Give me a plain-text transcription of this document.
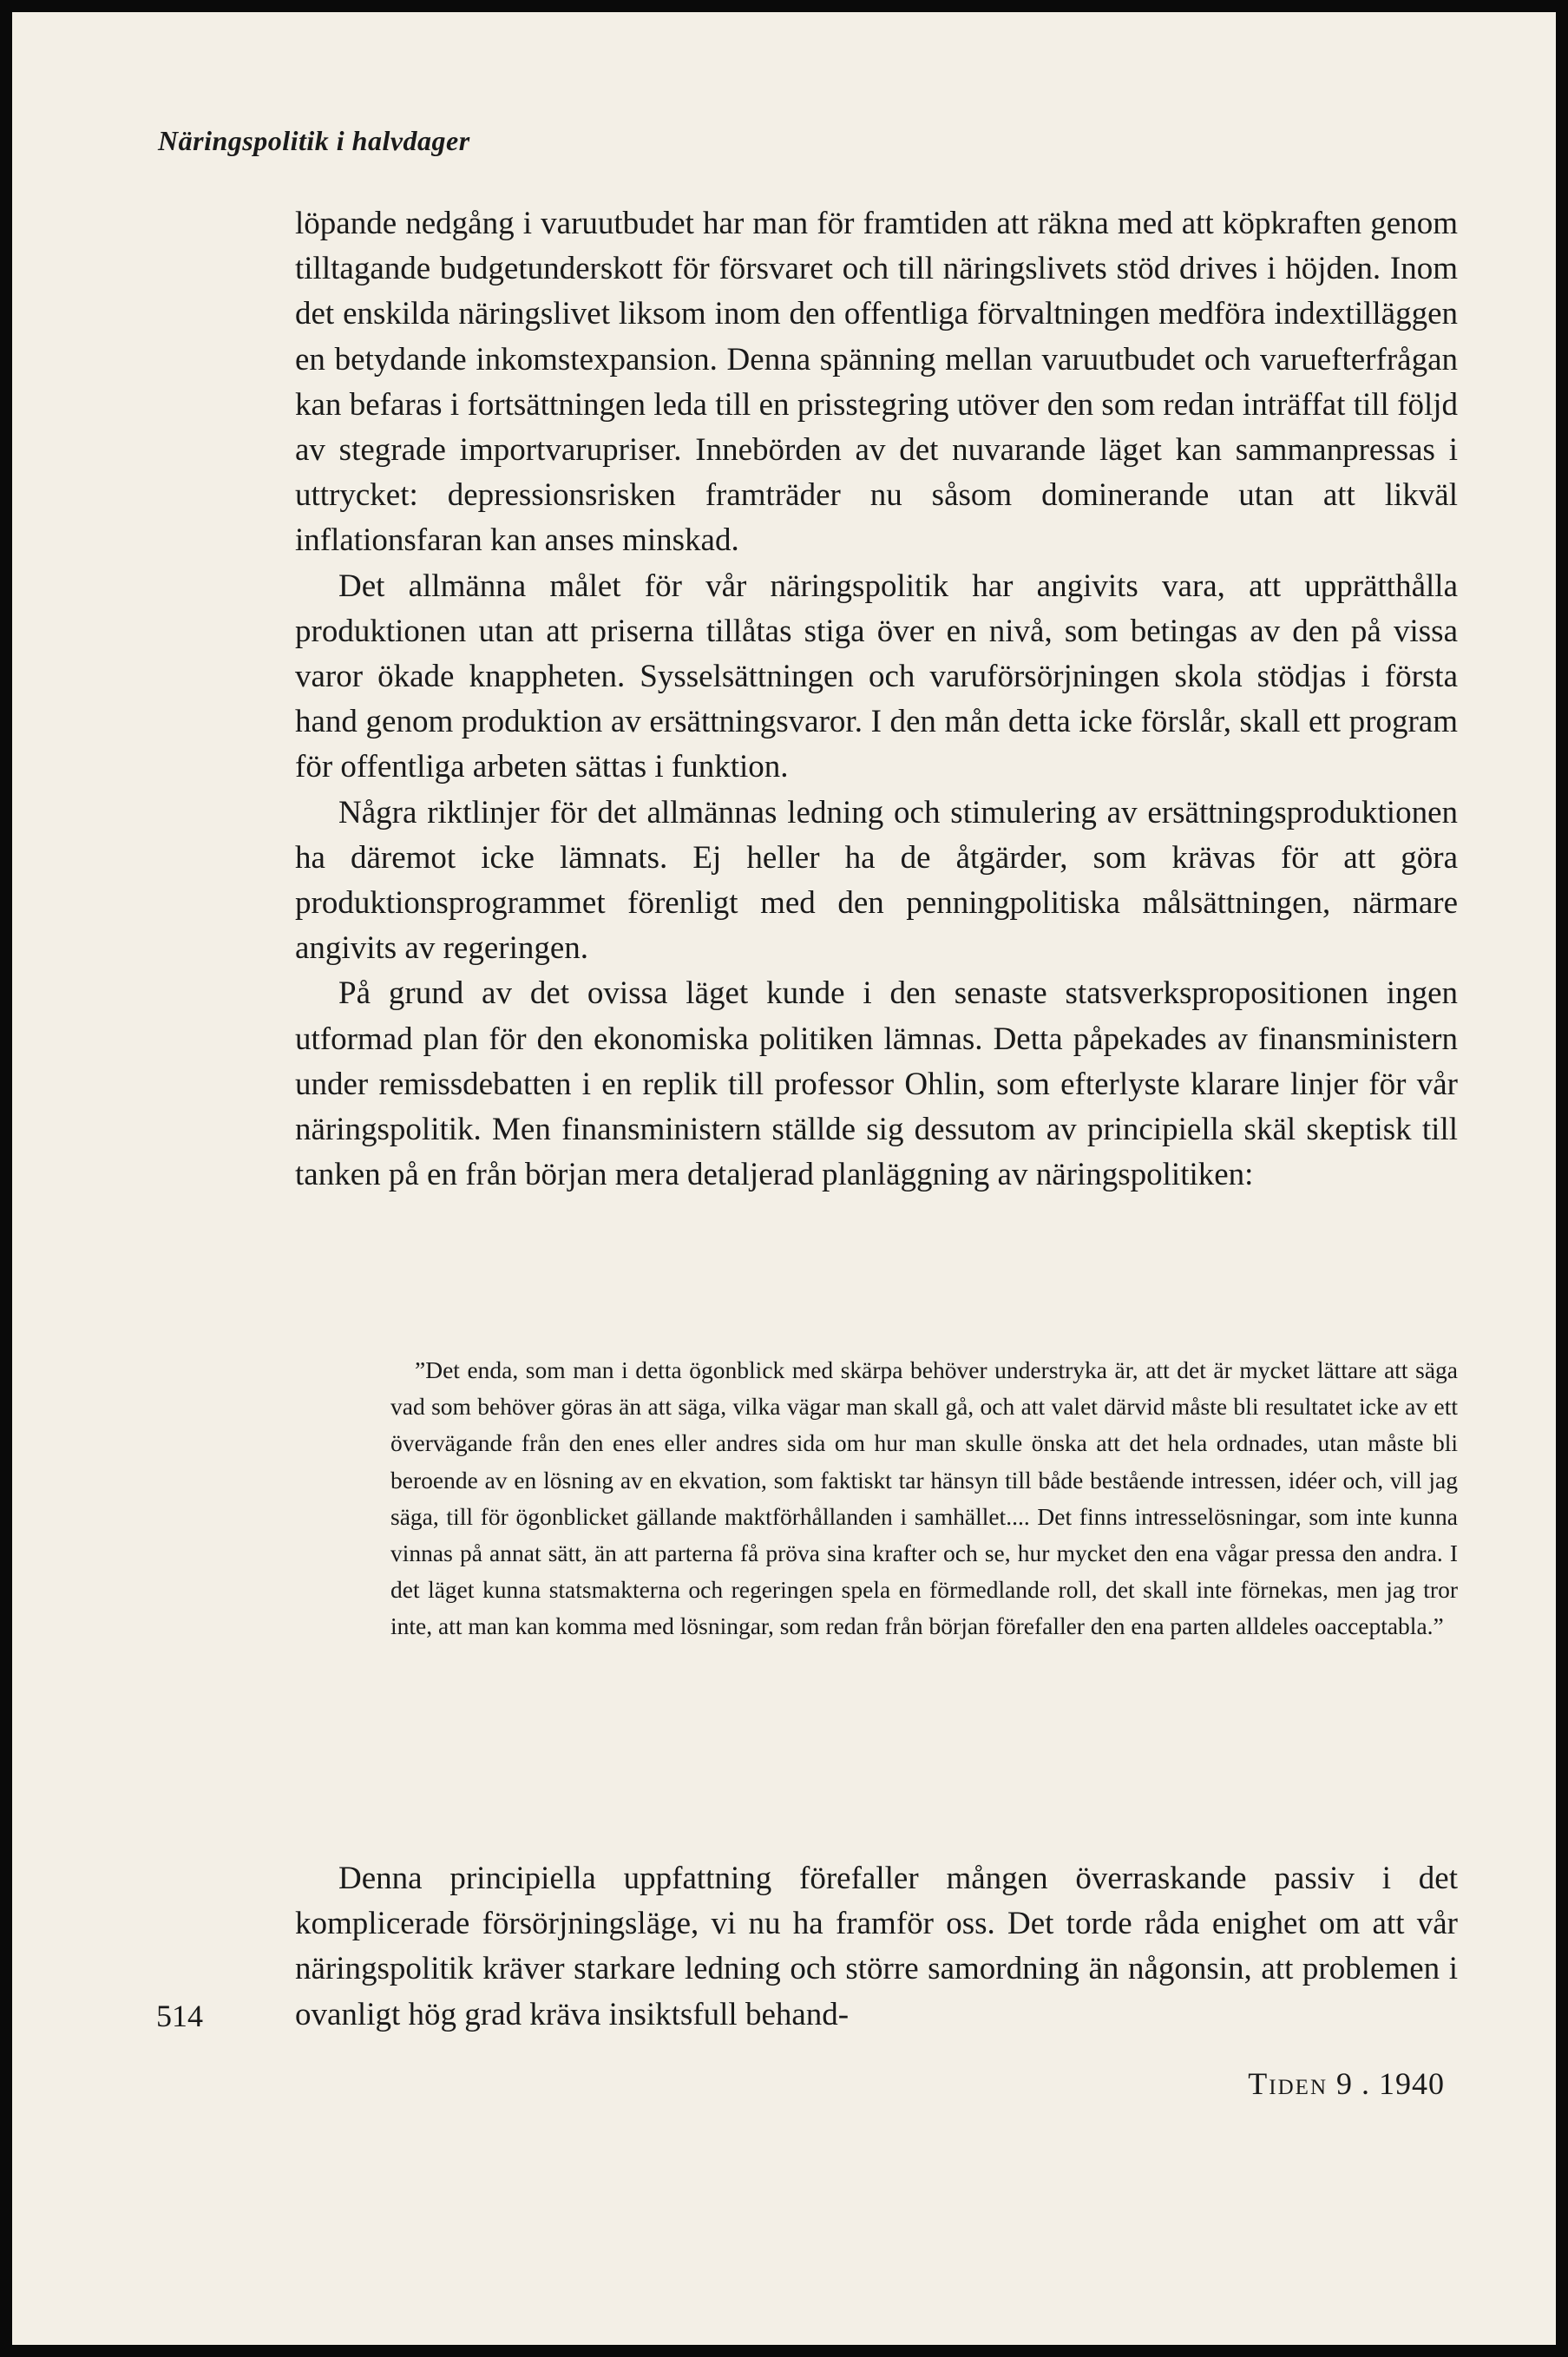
Näringspolitik i halvdager

löpande nedgång i varuutbudet har man för framtiden att räkna med att köpkraften genom tilltagande budgetunderskott för försvaret och till näringslivets stöd drives i höjden. Inom det enskilda näringslivet liksom inom den offentliga förvaltningen medföra indextilläggen en betydande inkomstexpansion. Denna spänning mellan varuutbudet och varuefterfrågan kan befaras i fortsättningen leda till en prisstegring utöver den som redan inträffat till följd av stegrade importvarupriser. Innebörden av det nuvarande läget kan sammanpressas i uttrycket: depressionsrisken framträder nu såsom dominerande utan att likväl inflationsfaran kan anses minskad.

Det allmänna målet för vår näringspolitik har angivits vara, att upprätthålla produktionen utan att priserna tillåtas stiga över en nivå, som betingas av den på vissa varor ökade knappheten. Sysselsättningen och varuförsörjningen skola stödjas i första hand genom produktion av ersättningsvaror. I den mån detta icke förslår, skall ett program för offentliga arbeten sättas i funktion.

Några riktlinjer för det allmännas ledning och stimulering av ersättningsproduktionen ha däremot icke lämnats. Ej heller ha de åtgärder, som krävas för att göra produktionsprogrammet förenligt med den penningpolitiska målsättningen, närmare angivits av regeringen.

På grund av det ovissa läget kunde i den senaste statsverkspropositionen ingen utformad plan för den ekonomiska politiken lämnas. Detta påpekades av finansministern under remissdebatten i en replik till professor Ohlin, som efterlyste klarare linjer för vår näringspolitik. Men finansministern ställde sig dessutom av principiella skäl skeptisk till tanken på en från början mera detaljerad planläggning av näringspolitiken:

”Det enda, som man i detta ögonblick med skärpa behöver understryka är, att det är mycket lättare att säga vad som behöver göras än att säga, vilka vägar man skall gå, och att valet därvid måste bli resultatet icke av ett övervägande från den enes eller andres sida om hur man skulle önska att det hela ordnades, utan måste bli beroende av en lösning av en ekvation, som faktiskt tar hänsyn till både bestående intressen, idéer och, vill jag säga, till för ögonblicket gällande maktförhållanden i samhället.... Det finns intresselösningar, som inte kunna vinnas på annat sätt, än att parterna få pröva sina krafter och se, hur mycket den ena vågar pressa den andra. I det läget kunna statsmakterna och regeringen spela en förmedlande roll, det skall inte förnekas, men jag tror inte, att man kan komma med lösningar, som redan från början förefaller den ena parten alldeles oacceptabla.”

Denna principiella uppfattning förefaller mången överraskande passiv i det komplicerade försörjningsläge, vi nu ha framför oss. Det torde råda enighet om att vår näringspolitik kräver starkare ledning och större samordning än någonsin, att problemen i ovanligt hög grad kräva insiktsfull behand-

514
Tiden 9 . 1940
